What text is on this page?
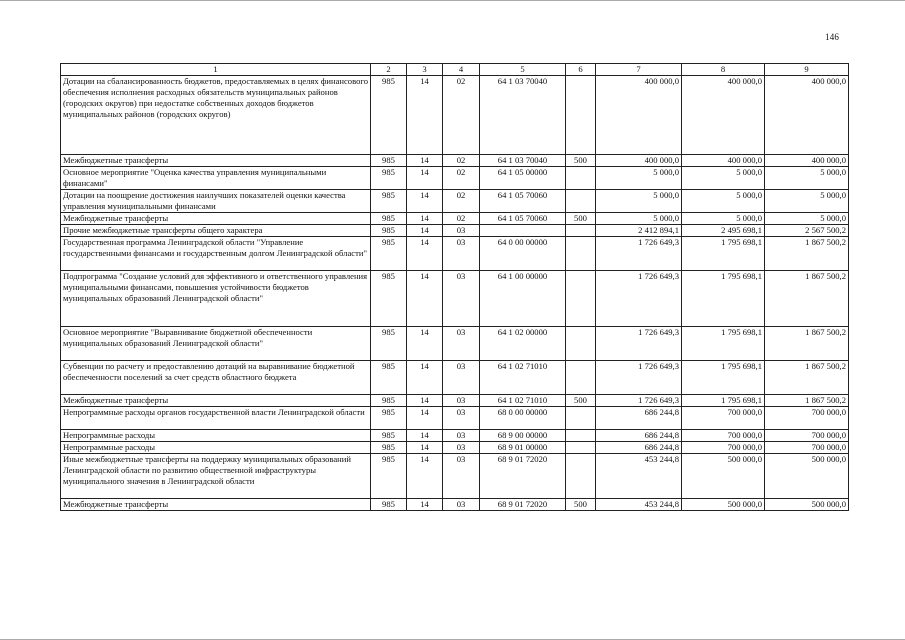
146
1	2	3	4	5	6	7	8	9
Дотации на сбалансированность бюджетов, предоставляемых в целях финансового обеспечения исполнения расходных обязательств муниципальных районов (городских округов) при недостатке собственных доходов бюджетов муниципальных районов (городских округов)	985	14	02	64 1 03 70040		400 000,0	400 000,0	400 000,0
Межбюджетные трансферты	985	14	02	64 1 03 70040	500	400 000,0	400 000,0	400 000,0
Основное мероприятие "Оценка качества управления муниципальными финансами"	985	14	02	64 1 05 00000		5 000,0	5 000,0	5 000,0
Дотации на поощрение достижения наилучших показателей оценки качества управления муниципальными финансами	985	14	02	64 1 05 70060		5 000,0	5 000,0	5 000,0
Межбюджетные трансферты	985	14	02	64 1 05 70060	500	5 000,0	5 000,0	5 000,0
Прочие межбюджетные трансферты общего характера	985	14	03			2 412 894,1	2 495 698,1	2 567 500,2
Государственная программа Ленинградской области "Управление государственными финансами и государственным долгом Ленинградской области"	985	14	03	64 0 00 00000		1 726 649,3	1 795 698,1	1 867 500,2
Подпрограмма "Создание условий для эффективного и ответственного управления муниципальными финансами, повышения устойчивости бюджетов муниципальных образований Ленинградской области"	985	14	03	64 1 00 00000		1 726 649,3	1 795 698,1	1 867 500,2
Основное мероприятие "Выравнивание бюджетной обеспеченности муниципальных образований Ленинградской области"	985	14	03	64 1 02 00000		1 726 649,3	1 795 698,1	1 867 500,2
Субвенции по расчету и предоставлению дотаций на выравнивание бюджетной обеспеченности поселений за счет средств областного бюджета	985	14	03	64 1 02 71010		1 726 649,3	1 795 698,1	1 867 500,2
Межбюджетные трансферты	985	14	03	64 1 02 71010	500	1 726 649,3	1 795 698,1	1 867 500,2
Непрограммные расходы органов государственной власти Ленинградской области	985	14	03	68 0 00 00000		686 244,8	700 000,0	700 000,0
Непрограммные расходы	985	14	03	68 9 00 00000		686 244,8	700 000,0	700 000,0
Непрограммные расходы	985	14	03	68 9 01 00000		686 244,8	700 000,0	700 000,0
Иные межбюджетные трансферты на поддержку муниципальных образований Ленинградской области по развитию общественной инфраструктуры муниципального значения в Ленинградской области	985	14	03	68 9 01 72020		453 244,8	500 000,0	500 000,0
Межбюджетные трансферты	985	14	03	68 9 01 72020	500	453 244,8	500 000,0	500 000,0
